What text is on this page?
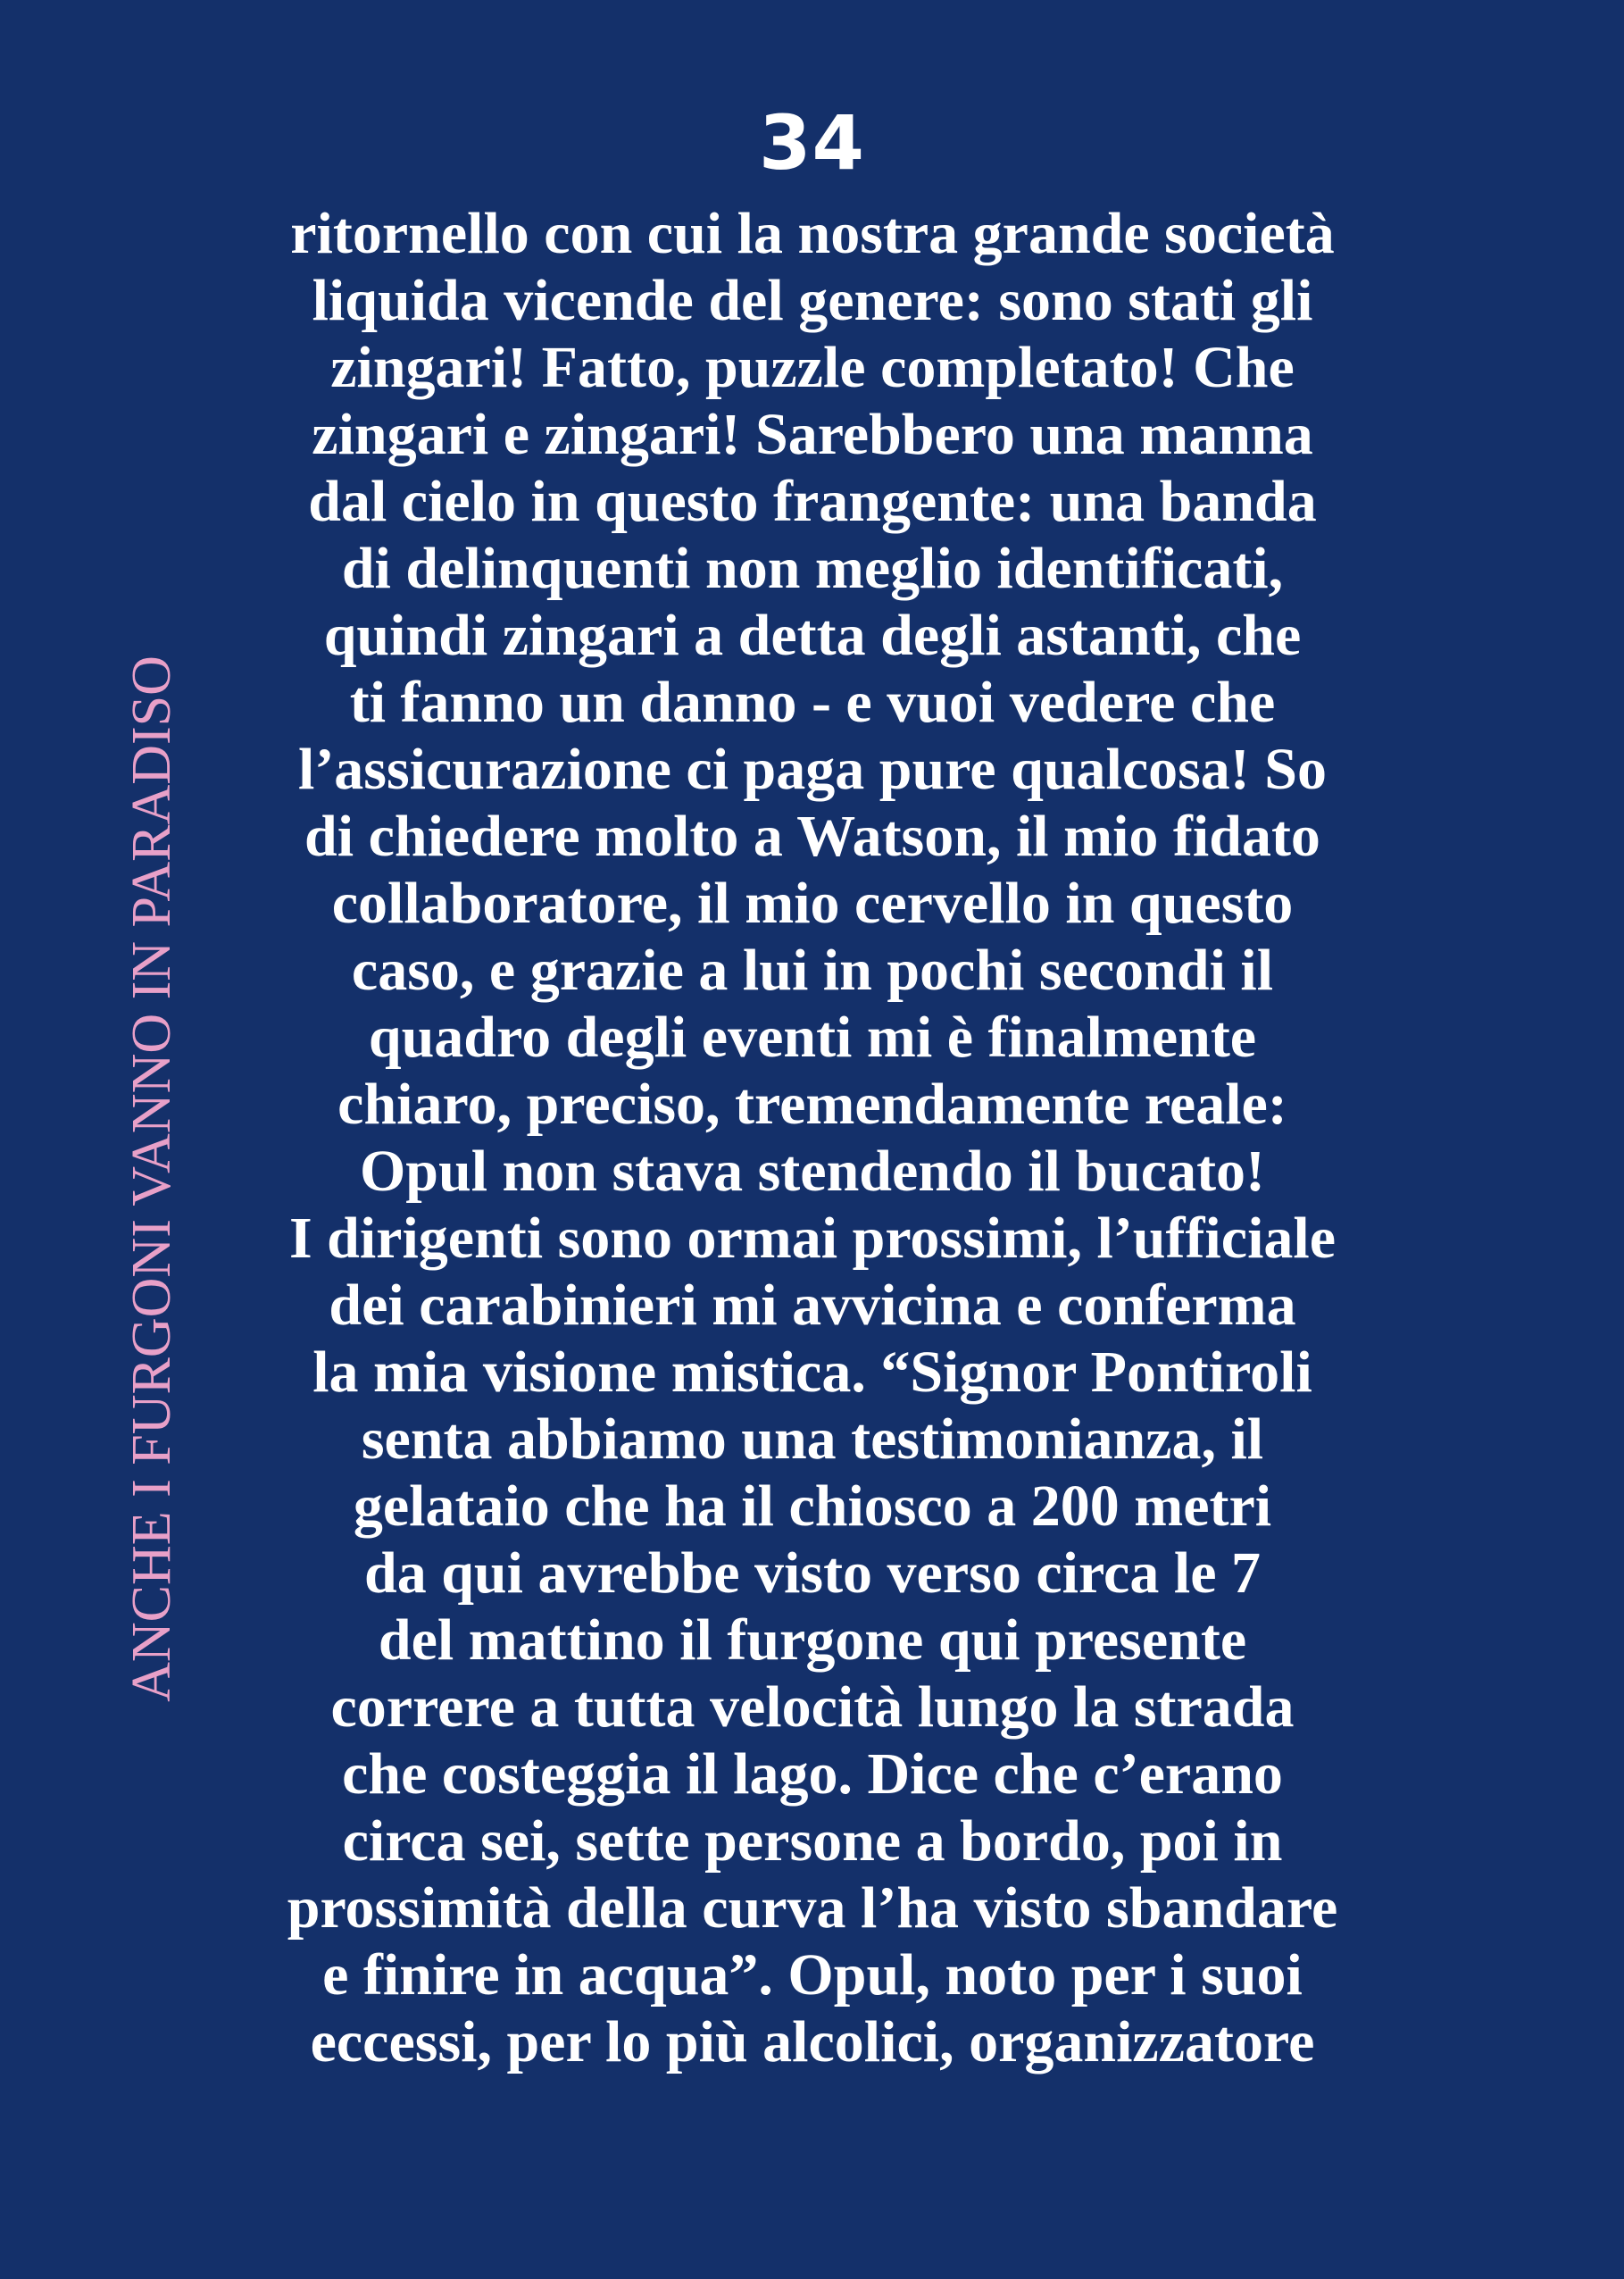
34
ANCHE I FURGONI VANNO IN PARADISO
ritornello con cui la nostra grande società
liquida vicende del genere: sono stati gli
zingari! Fatto, puzzle completato! Che
zingari e zingari! Sarebbero una manna
dal cielo in questo frangente: una banda
di delinquenti non meglio identificati,
quindi zingari a detta degli astanti, che
ti fanno un danno - e vuoi vedere che
l’assicurazione ci paga pure qualcosa! So
di chiedere molto a Watson, il mio fidato
collaboratore, il mio cervello in questo
caso, e grazie a lui in pochi secondi il
quadro degli eventi mi è finalmente
chiaro, preciso, tremendamente reale:
Opul non stava stendendo il bucato!
I dirigenti sono ormai prossimi, l’ufficiale
dei carabinieri mi avvicina e conferma
la mia visione mistica. “Signor Pontiroli
senta abbiamo una testimonianza, il
gelataio che ha il chiosco a 200 metri
da qui avrebbe visto verso circa le 7
del mattino il furgone qui presente
correre a tutta velocità lungo la strada
che costeggia il lago. Dice che c’erano
circa sei, sette persone a bordo, poi in
prossimità della curva l’ha visto sbandare
e finire in acqua”. Opul, noto per i suoi
eccessi, per lo più alcolici, organizzatore
